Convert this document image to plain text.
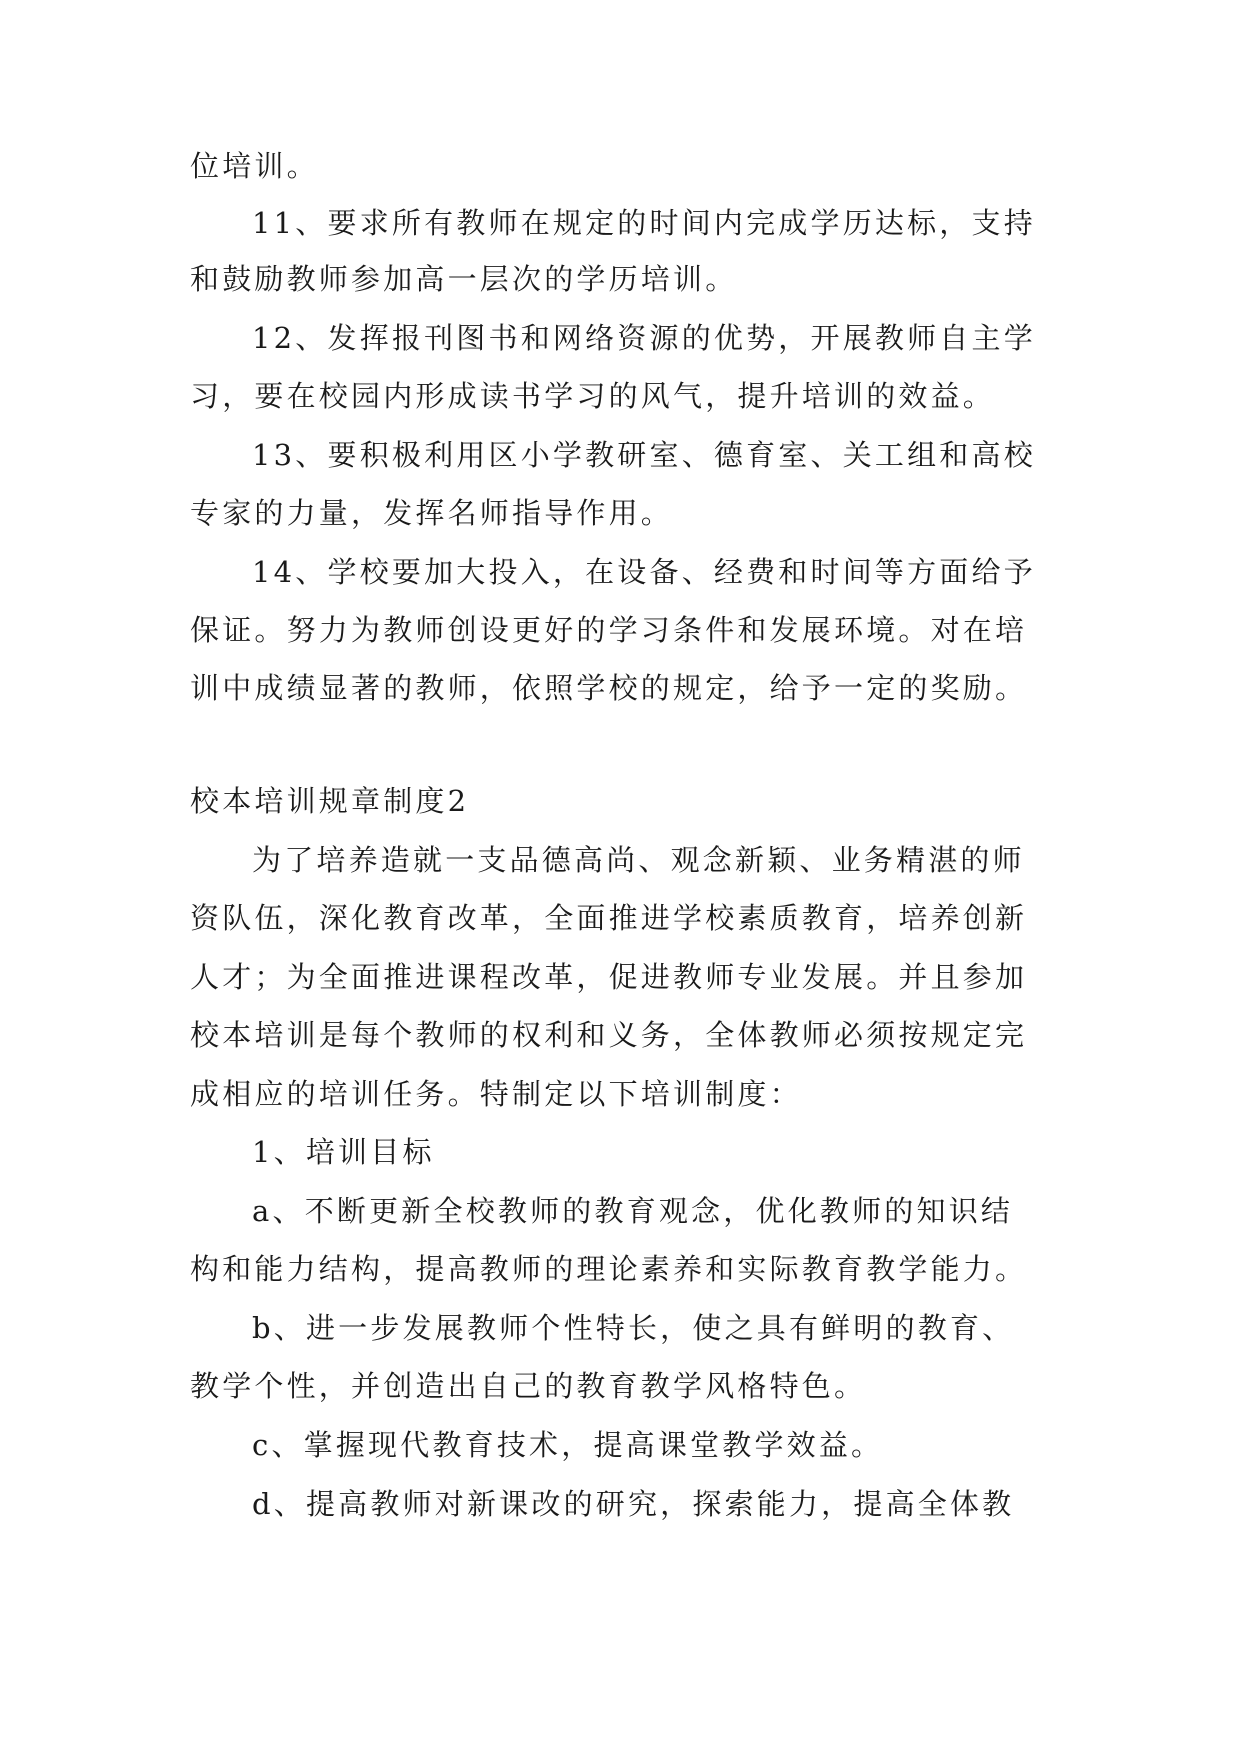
位培训。
11、要求所有教师在规定的时间内完成学历达标，支持
和鼓励教师参加高一层次的学历培训。
12、发挥报刊图书和网络资源的优势，开展教师自主学
习，要在校园内形成读书学习的风气，提升培训的效益。
13、要积极利用区小学教研室、德育室、关工组和高校
专家的力量，发挥名师指导作用。
14、学校要加大投入，在设备、经费和时间等方面给予
保证。努力为教师创设更好的学习条件和发展环境。对在培
训中成绩显著的教师，依照学校的规定，给予一定的奖励。
校本培训规章制度2
为了培养造就一支品德高尚、观念新颖、业务精湛的师
资队伍，深化教育改革，全面推进学校素质教育，培养创新
人才；为全面推进课程改革，促进教师专业发展。并且参加
校本培训是每个教师的权利和义务，全体教师必须按规定完
成相应的培训任务。特制定以下培训制度：
1、培训目标
a、不断更新全校教师的教育观念，优化教师的知识结
构和能力结构，提高教师的理论素养和实际教育教学能力。
b、进一步发展教师个性特长，使之具有鲜明的教育、
教学个性，并创造出自己的教育教学风格特色。
c、掌握现代教育技术，提高课堂教学效益。
d、提高教师对新课改的研究，探索能力，提高全体教
